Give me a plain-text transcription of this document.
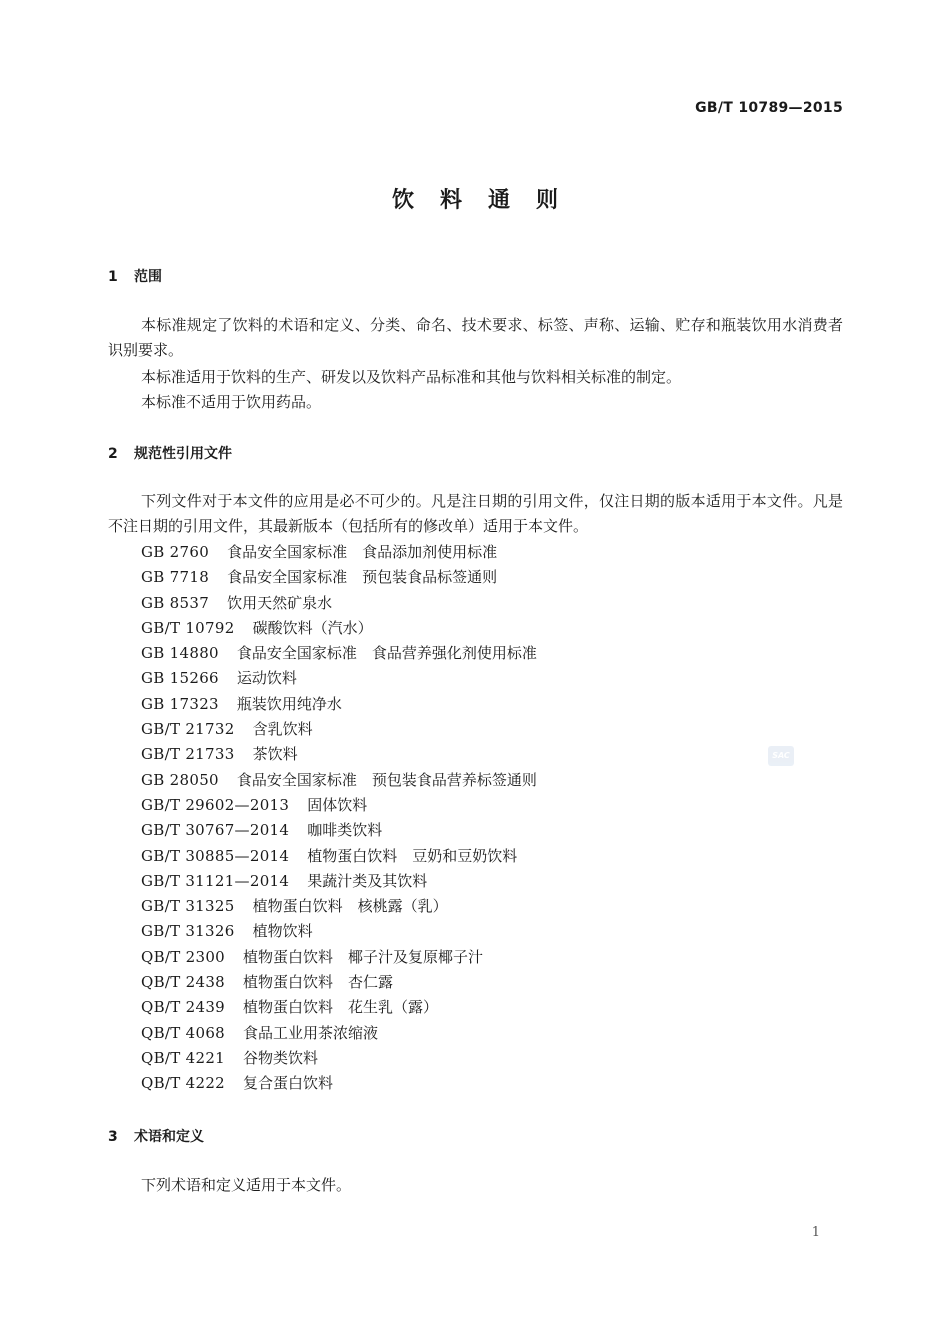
GB/T 10789—2015
饮料通则
1 范围
本标准规定了饮料的术语和定义、分类、命名、技术要求、标签、声称、运输、贮存和瓶装饮用水消费者识别要求。
本标准适用于饮料的生产、研发以及饮料产品标准和其他与饮料相关标准的制定。
本标准不适用于饮用药品。
2 规范性引用文件
下列文件对于本文件的应用是必不可少的。凡是注日期的引用文件，仅注日期的版本适用于本文件。凡是不注日期的引用文件，其最新版本（包括所有的修改单）适用于本文件。
GB 2760 食品安全国家标准　食品添加剂使用标准
GB 7718 食品安全国家标准　预包装食品标签通则
GB 8537 饮用天然矿泉水
GB/T 10792 碳酸饮料（汽水）
GB 14880 食品安全国家标准　食品营养强化剂使用标准
GB 15266 运动饮料
GB 17323 瓶装饮用纯净水
GB/T 21732 含乳饮料
GB/T 21733 茶饮料
GB 28050 食品安全国家标准　预包装食品营养标签通则
GB/T 29602—2013 固体饮料
GB/T 30767—2014 咖啡类饮料
GB/T 30885—2014 植物蛋白饮料　豆奶和豆奶饮料
GB/T 31121—2014 果蔬汁类及其饮料
GB/T 31325 植物蛋白饮料　核桃露（乳）
GB/T 31326 植物饮料
QB/T 2300 植物蛋白饮料　椰子汁及复原椰子汁
QB/T 2438 植物蛋白饮料　杏仁露
QB/T 2439 植物蛋白饮料　花生乳（露）
QB/T 4068 食品工业用茶浓缩液
QB/T 4221 谷物类饮料
QB/T 4222 复合蛋白饮料
3 术语和定义
下列术语和定义适用于本文件。
SAC
1
